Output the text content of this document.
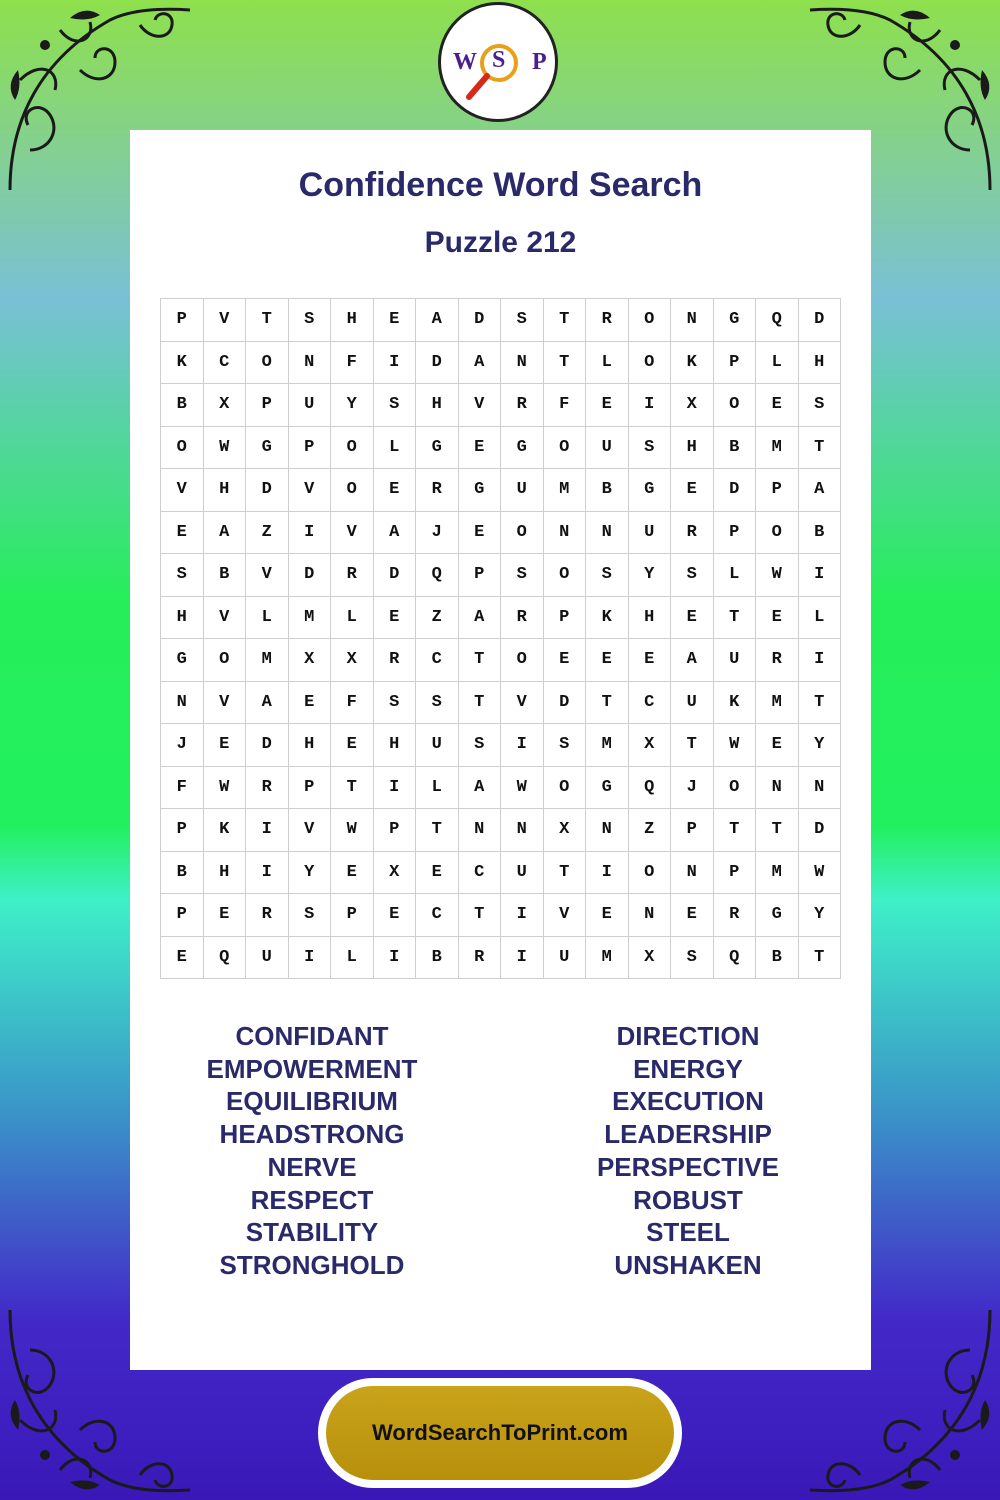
W S P
Confidence Word Search
Puzzle 212
P	V	T	S	H	E	A	D	S	T	R	O	N	G	Q	D
K	C	O	N	F	I	D	A	N	T	L	O	K	P	L	H
B	X	P	U	Y	S	H	V	R	F	E	I	X	O	E	S
O	W	G	P	O	L	G	E	G	O	U	S	H	B	M	T
V	H	D	V	O	E	R	G	U	M	B	G	E	D	P	A
E	A	Z	I	V	A	J	E	O	N	N	U	R	P	O	B
S	B	V	D	R	D	Q	P	S	O	S	Y	S	L	W	I
H	V	L	M	L	E	Z	A	R	P	K	H	E	T	E	L
G	O	M	X	X	R	C	T	O	E	E	E	A	U	R	I
N	V	A	E	F	S	S	T	V	D	T	C	U	K	M	T
J	E	D	H	E	H	U	S	I	S	M	X	T	W	E	Y
F	W	R	P	T	I	L	A	W	O	G	Q	J	O	N	N
P	K	I	V	W	P	T	N	N	X	N	Z	P	T	T	D
B	H	I	Y	E	X	E	C	U	T	I	O	N	P	M	W
P	E	R	S	P	E	C	T	I	V	E	N	E	R	G	Y
E	Q	U	I	L	I	B	R	I	U	M	X	S	Q	B	T
CONFIDANT
EMPOWERMENT
EQUILIBRIUM
HEADSTRONG
NERVE
RESPECT
STABILITY
STRONGHOLD
DIRECTION
ENERGY
EXECUTION
LEADERSHIP
PERSPECTIVE
ROBUST
STEEL
UNSHAKEN
WordSearchToPrint.com
